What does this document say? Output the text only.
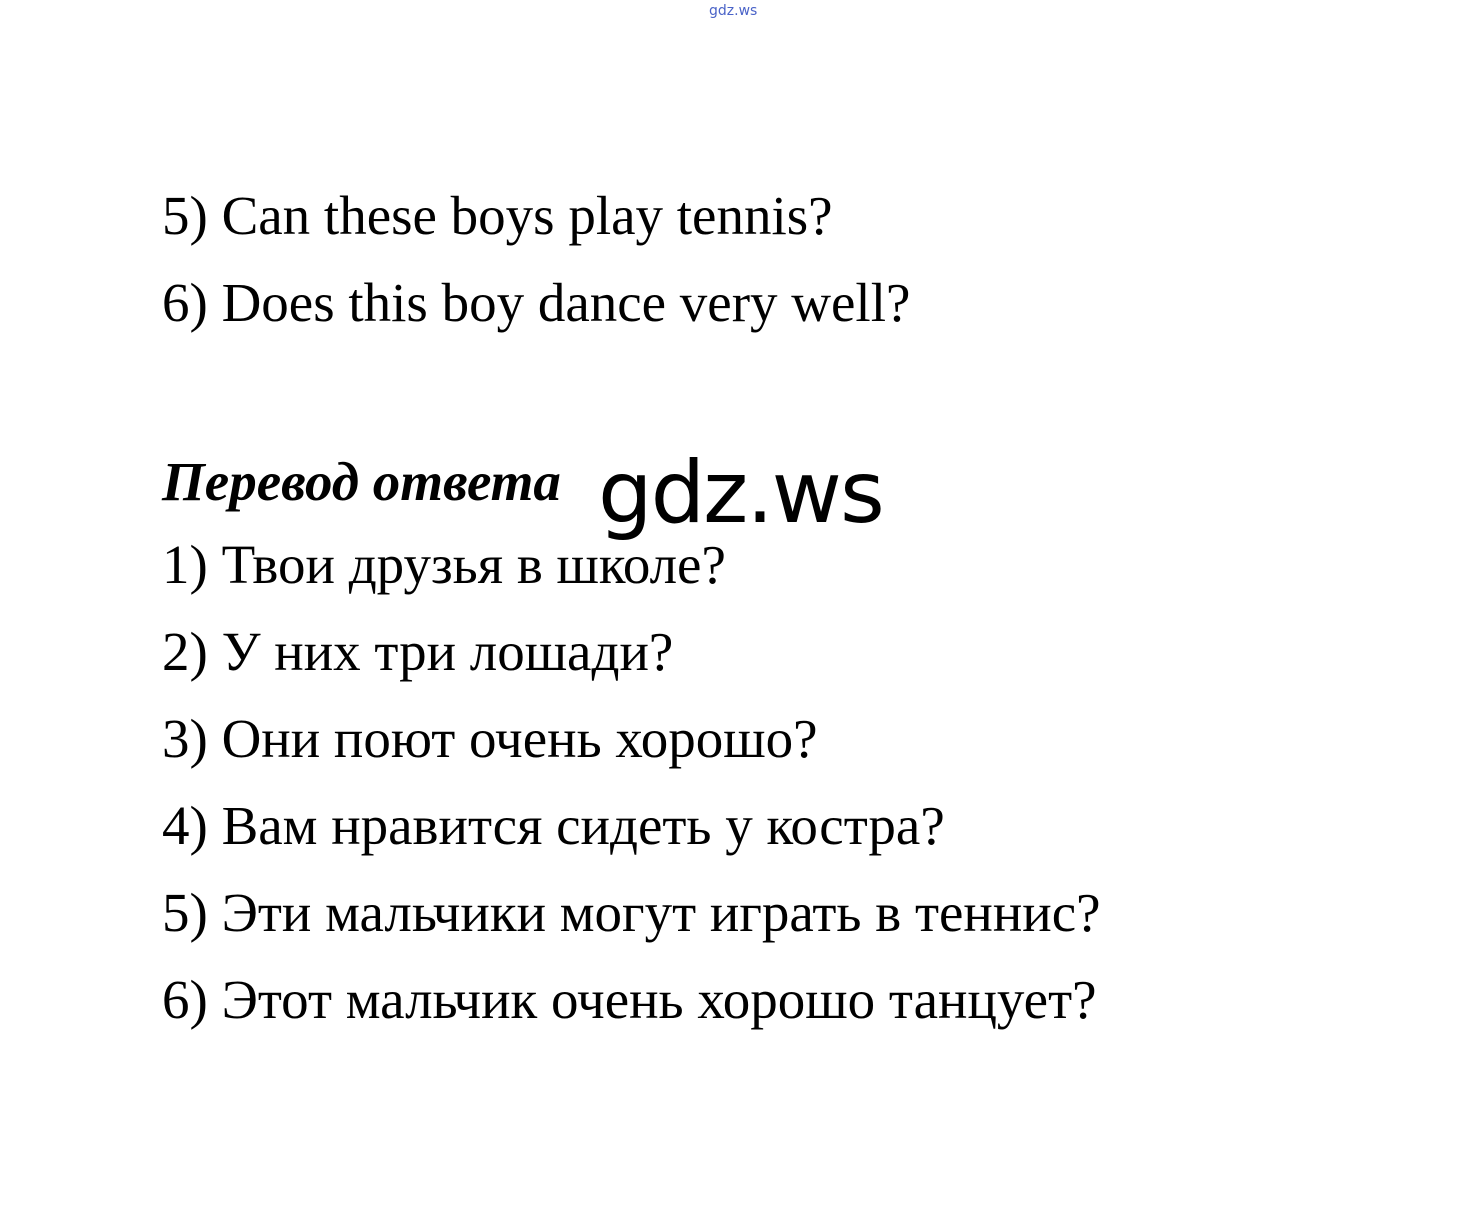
gdz.ws
5) Can these boys play tennis?
6) Does this boy dance very well?
Перевод ответа gdz.ws
1) Твои друзья в школе?
2) У них три лошади?
3) Они поют очень хорошо?
4) Вам нравится сидеть у костра?
5) Эти мальчики могут играть в теннис?
6) Этот мальчик очень хорошо танцует?
